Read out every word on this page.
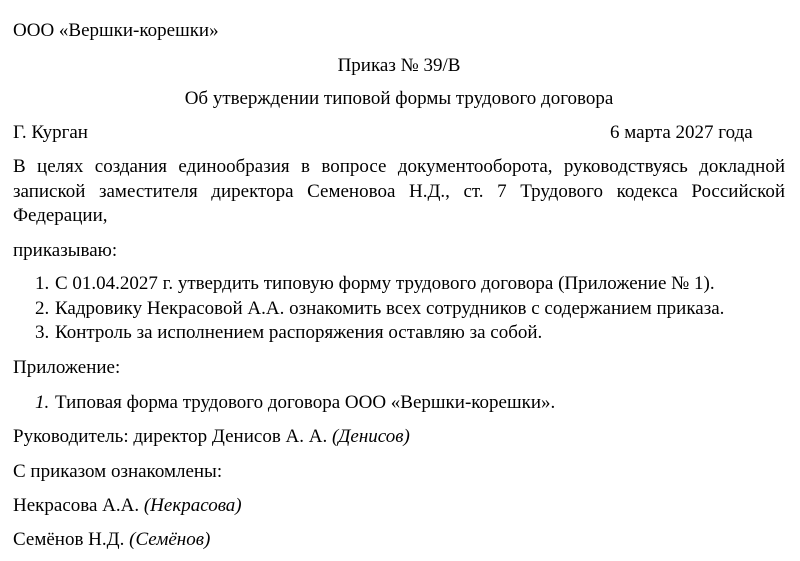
ООО «Вершки-корешки»
Приказ № 39/В
Об утверждении типовой формы трудового договора
Г. Курган	6 марта 2027 года
В целях создания единообразия в вопросе документооборота, руководствуясь докладной
запиской заместителя директора Семеновоа Н.Д., ст. 7 Трудового кодекса Российской
Федерации,
приказываю:
1. С 01.04.2027 г. утвердить типовую форму трудового договора (Приложение № 1).
2. Кадровику Некрасовой А.А. ознакомить всех сотрудников с содержанием приказа.
3. Контроль за исполнением распоряжения оставляю за собой.
Приложение:
1. Типовая форма трудового договора ООО «Вершки-корешки».
Руководитель: директор Денисов А. А. (Денисов)
С приказом ознакомлены:
Некрасова А.А. (Некрасова)
Семёнов Н.Д. (Семёнов)
